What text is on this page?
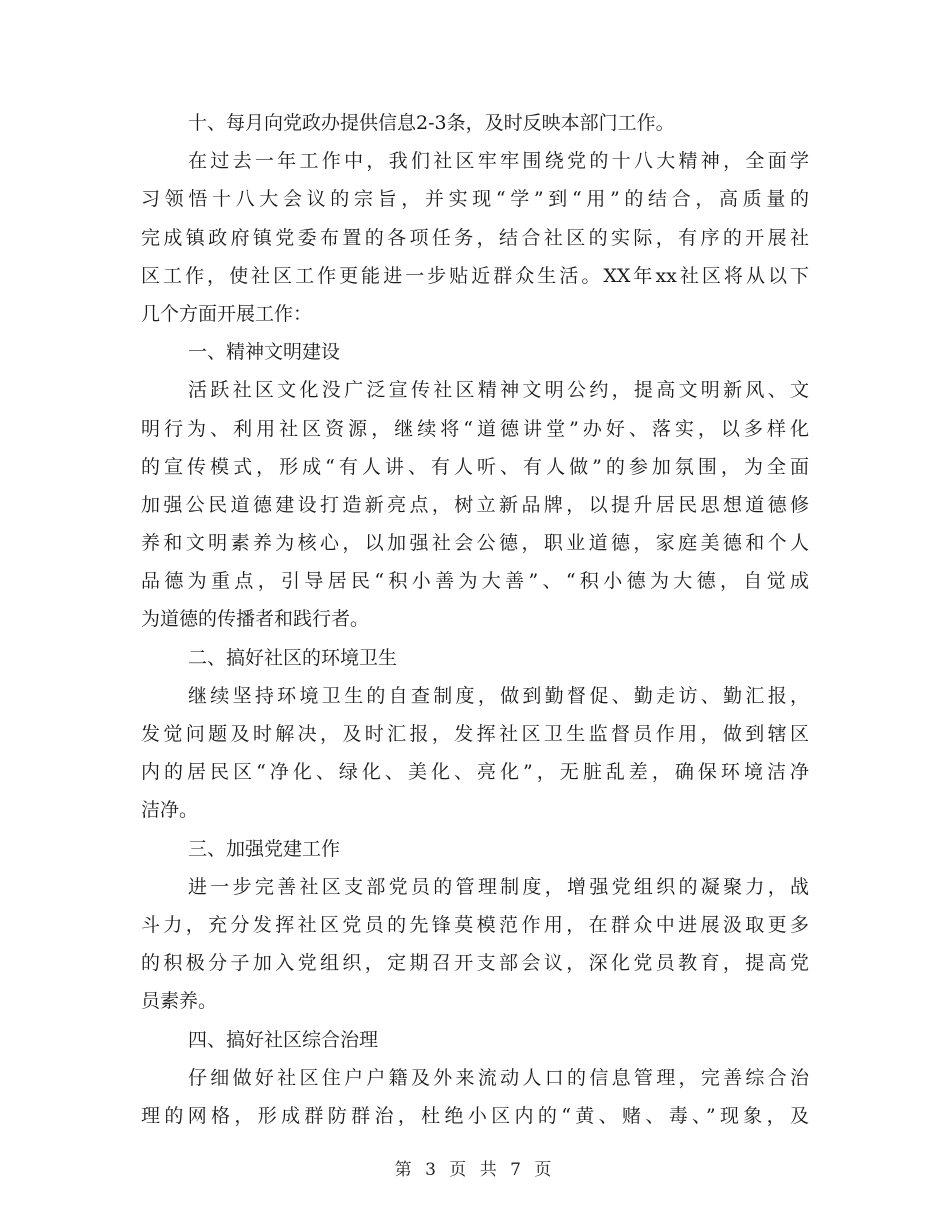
十、每月向党政办提供信息2-3条，及时反映本部门工作。
在过去一年工作中，我们社区牢牢围绕党的十八大精神，全面学
习领悟十八大会议的宗旨，并实现“学”到“用”的结合，高质量的
完成镇政府镇党委布置的各项任务，结合社区的实际，有序的开展社
区工作，使社区工作更能进一步贴近群众生活。XX年xx社区将从以下
几个方面开展工作：
一、精神文明建设
活跃社区文化没广泛宣传社区精神文明公约，提高文明新风、文
明行为、利用社区资源，继续将“道德讲堂”办好、落实，以多样化
的宣传模式，形成“有人讲、有人听、有人做”的参加氛围，为全面
加强公民道德建设打造新亮点，树立新品牌，以提升居民思想道德修
养和文明素养为核心，以加强社会公德，职业道德，家庭美德和个人
品德为重点，引导居民“积小善为大善”、“积小德为大德，自觉成
为道德的传播者和践行者。
二、搞好社区的环境卫生
继续坚持环境卫生的自查制度，做到勤督促、勤走访、勤汇报，
发觉问题及时解决，及时汇报，发挥社区卫生监督员作用，做到辖区
内的居民区“净化、绿化、美化、亮化”，无脏乱差，确保环境洁净
洁净。
三、加强党建工作
进一步完善社区支部党员的管理制度，增强党组织的凝聚力，战
斗力，充分发挥社区党员的先锋莫模范作用，在群众中进展汲取更多
的积极分子加入党组织，定期召开支部会议，深化党员教育，提高党
员素养。
四、搞好社区综合治理
仔细做好社区住户户籍及外来流动人口的信息管理，完善综合治
理的网格，形成群防群治，杜绝小区内的“黄、赌、毒、”现象，及
第 3 页 共 7 页
